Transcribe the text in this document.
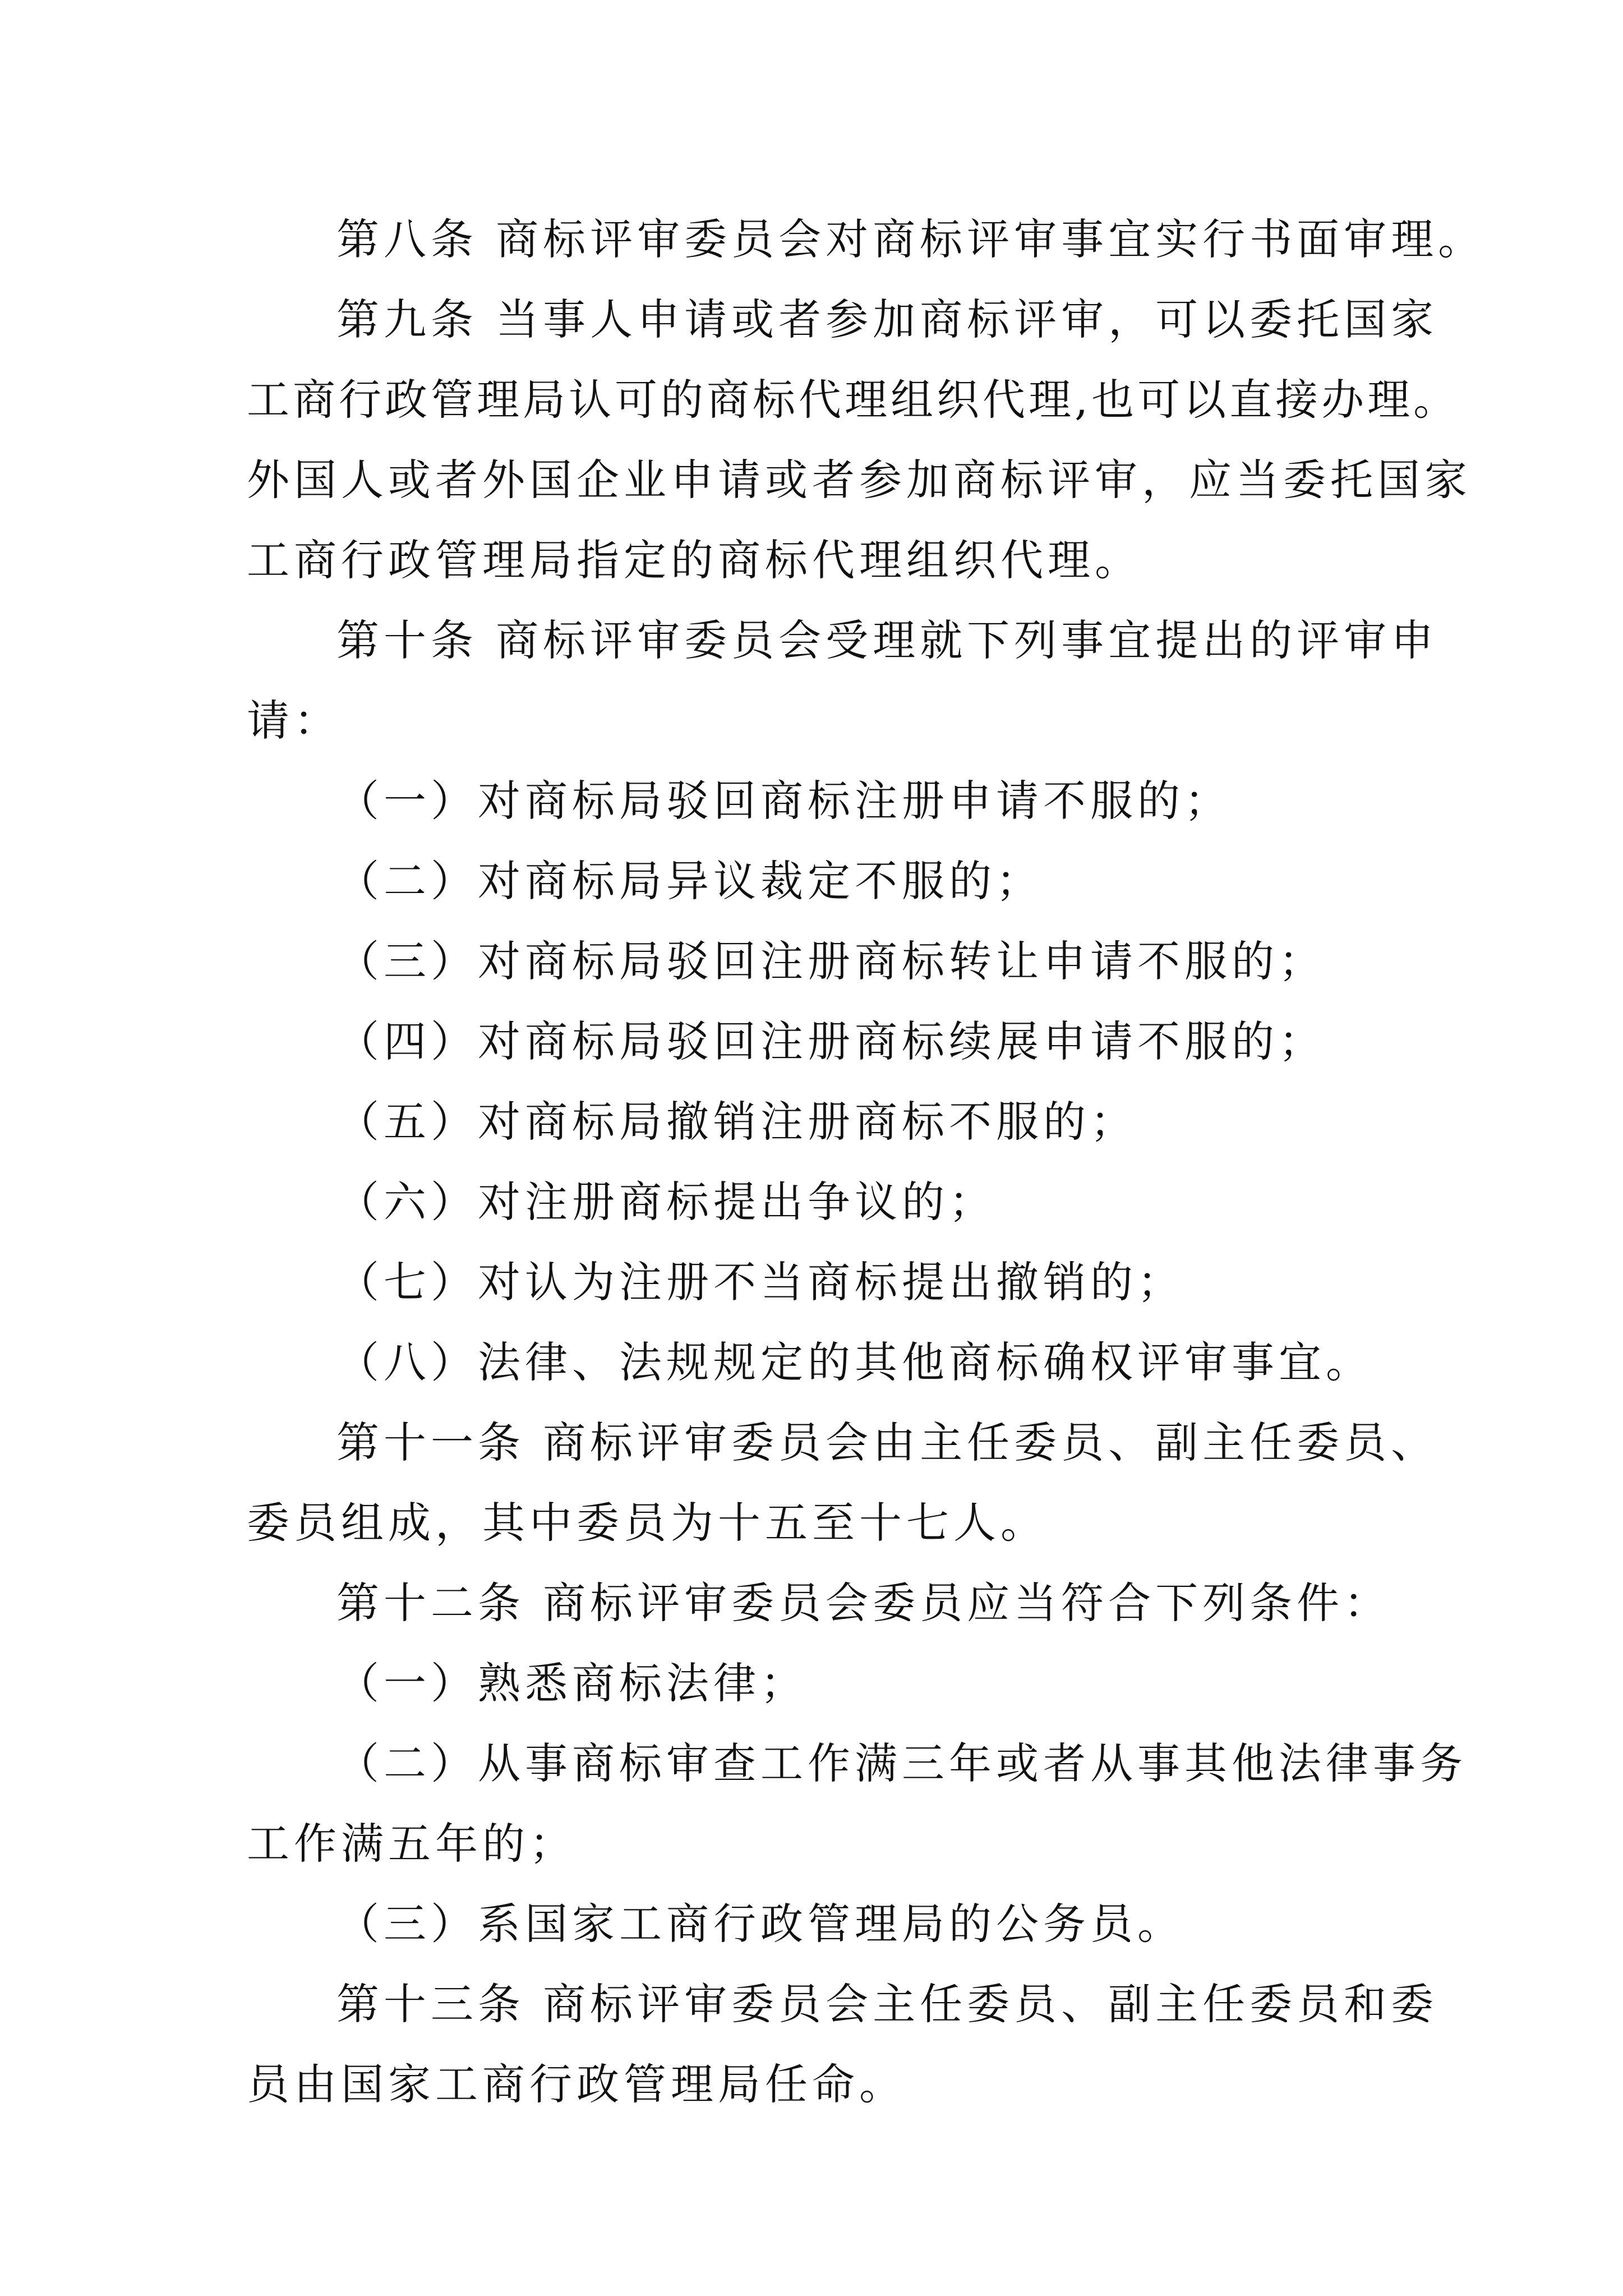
第八条 商标评审委员会对商标评审事宜实行书面审理。
第九条 当事人申请或者参加商标评审，可以委托国家
工商行政管理局认可的商标代理组织代理,也可以直接办理。
外国人或者外国企业申请或者参加商标评审，应当委托国家
工商行政管理局指定的商标代理组织代理。
第十条 商标评审委员会受理就下列事宜提出的评审申
请：
（一）对商标局驳回商标注册申请不服的；
（二）对商标局异议裁定不服的；
（三）对商标局驳回注册商标转让申请不服的；
（四）对商标局驳回注册商标续展申请不服的；
（五）对商标局撤销注册商标不服的；
（六）对注册商标提出争议的；
（七）对认为注册不当商标提出撤销的；
（八）法律、法规规定的其他商标确权评审事宜。
第十一条 商标评审委员会由主任委员、副主任委员、
委员组成，其中委员为十五至十七人。
第十二条 商标评审委员会委员应当符合下列条件：
（一）熟悉商标法律；
（二）从事商标审查工作满三年或者从事其他法律事务
工作满五年的；
（三）系国家工商行政管理局的公务员。
第十三条 商标评审委员会主任委员、副主任委员和委
员由国家工商行政管理局任命。
